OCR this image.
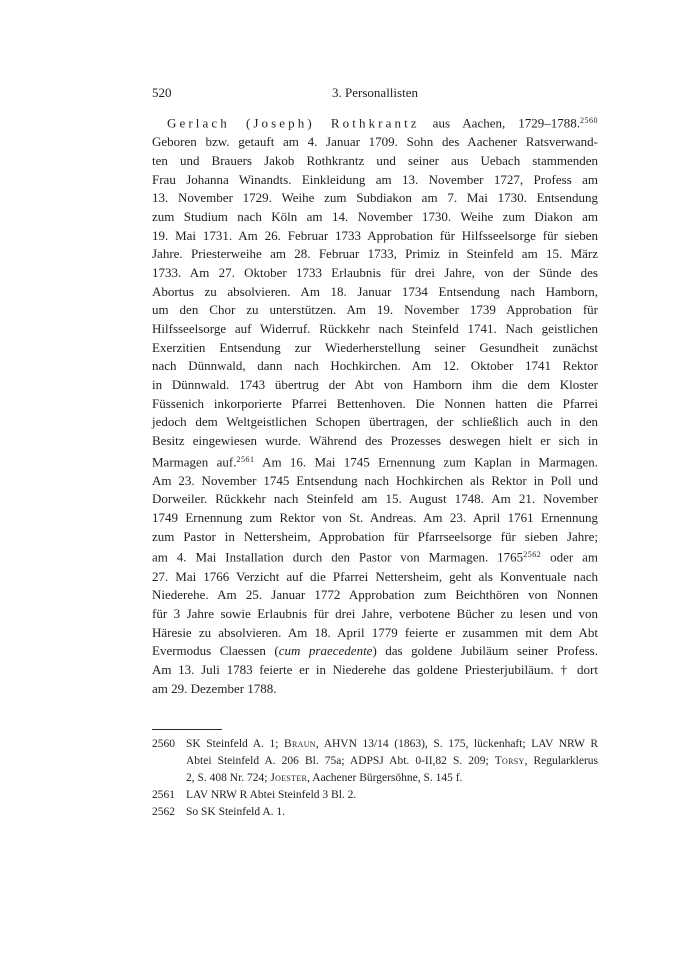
520	3. Personallisten
Gerlach (Joseph) Rothkrantz aus Aachen, 1729–1788.$^{2560}$
Geboren bzw. getauft am 4. Januar 1709. Sohn des Aachener Ratsverwand-
ten und Brauers Jakob Rothkrantz und seiner aus Uebach stammenden
Frau Johanna Winandts. Einkleidung am 13. November 1727, Profess am
13. November 1729. Weihe zum Subdiakon am 7. Mai 1730. Entsendung
zum Studium nach Köln am 14. November 1730. Weihe zum Diakon am
19. Mai 1731. Am 26. Februar 1733 Approbation für Hilfsseelsorge für sieben
Jahre. Priesterweihe am 28. Februar 1733, Primiz in Steinfeld am 15. März
1733. Am 27. Oktober 1733 Erlaubnis für drei Jahre, von der Sünde des
Abortus zu absolvieren. Am 18. Januar 1734 Entsendung nach Hamborn,
um den Chor zu unterstützen. Am 19. November 1739 Approbation für
Hilfsseelsorge auf Widerruf. Rückkehr nach Steinfeld 1741. Nach geistlichen
Exerzitien Entsendung zur Wiederherstellung seiner Gesundheit zunächst
nach Dünnwald, dann nach Hochkirchen. Am 12. Oktober 1741 Rektor
in Dünnwald. 1743 übertrug der Abt von Hamborn ihm die dem Kloster
Füssenich inkorporierte Pfarrei Bettenhoven. Die Nonnen hatten die Pfarrei
jedoch dem Weltgeistlichen Schopen übertragen, der schließlich auch in den
Besitz eingewiesen wurde. Während des Prozesses deswegen hielt er sich in
Marmagen auf.$^{2561}$ Am 16. Mai 1745 Ernennung zum Kaplan in Marmagen.
Am 23. November 1745 Entsendung nach Hochkirchen als Rektor in Poll und
Dorweiler. Rückkehr nach Steinfeld am 15. August 1748. Am 21. November
1749 Ernennung zum Rektor von St. Andreas. Am 23. April 1761 Ernennung
zum Pastor in Nettersheim, Approbation für Pfarrseelsorge für sieben Jahre;
am 4. Mai Installation durch den Pastor von Marmagen. $1765^{2562}$ oder am
27. Mai 1766 Verzicht auf die Pfarrei Nettersheim, geht als Konventuale nach
Niederehe. Am 25. Januar 1772 Approbation zum Beichthören von Nonnen
für 3 Jahre sowie Erlaubnis für drei Jahre, verbotene Bücher zu lesen und von
Häresie zu absolvieren. Am 18. April 1779 feierte er zusammen mit dem Abt
Evermodus Claessen (cum praecedente) das goldene Jubiläum seiner Profess.
Am 13. Juli 1783 feierte er in Niederehe das goldene Priesterjubiläum. † dort
am 29. Dezember 1788.
2560 SK Steinfeld A. 1; Braun, AHVN 13/14 (1863), S. 175, lückenhaft; LAV NRW R
Abtei Steinfeld A. 206 Bl. 75a; ADPSJ Abt. 0-II,82 S. 209; Torsy, Regularklerus
2, S. 408 Nr. 724; Joester, Aachener Bürgersöhne, S. 145 f.
2561 LAV NRW R Abtei Steinfeld 3 Bl. 2.
2562 So SK Steinfeld A. 1.
